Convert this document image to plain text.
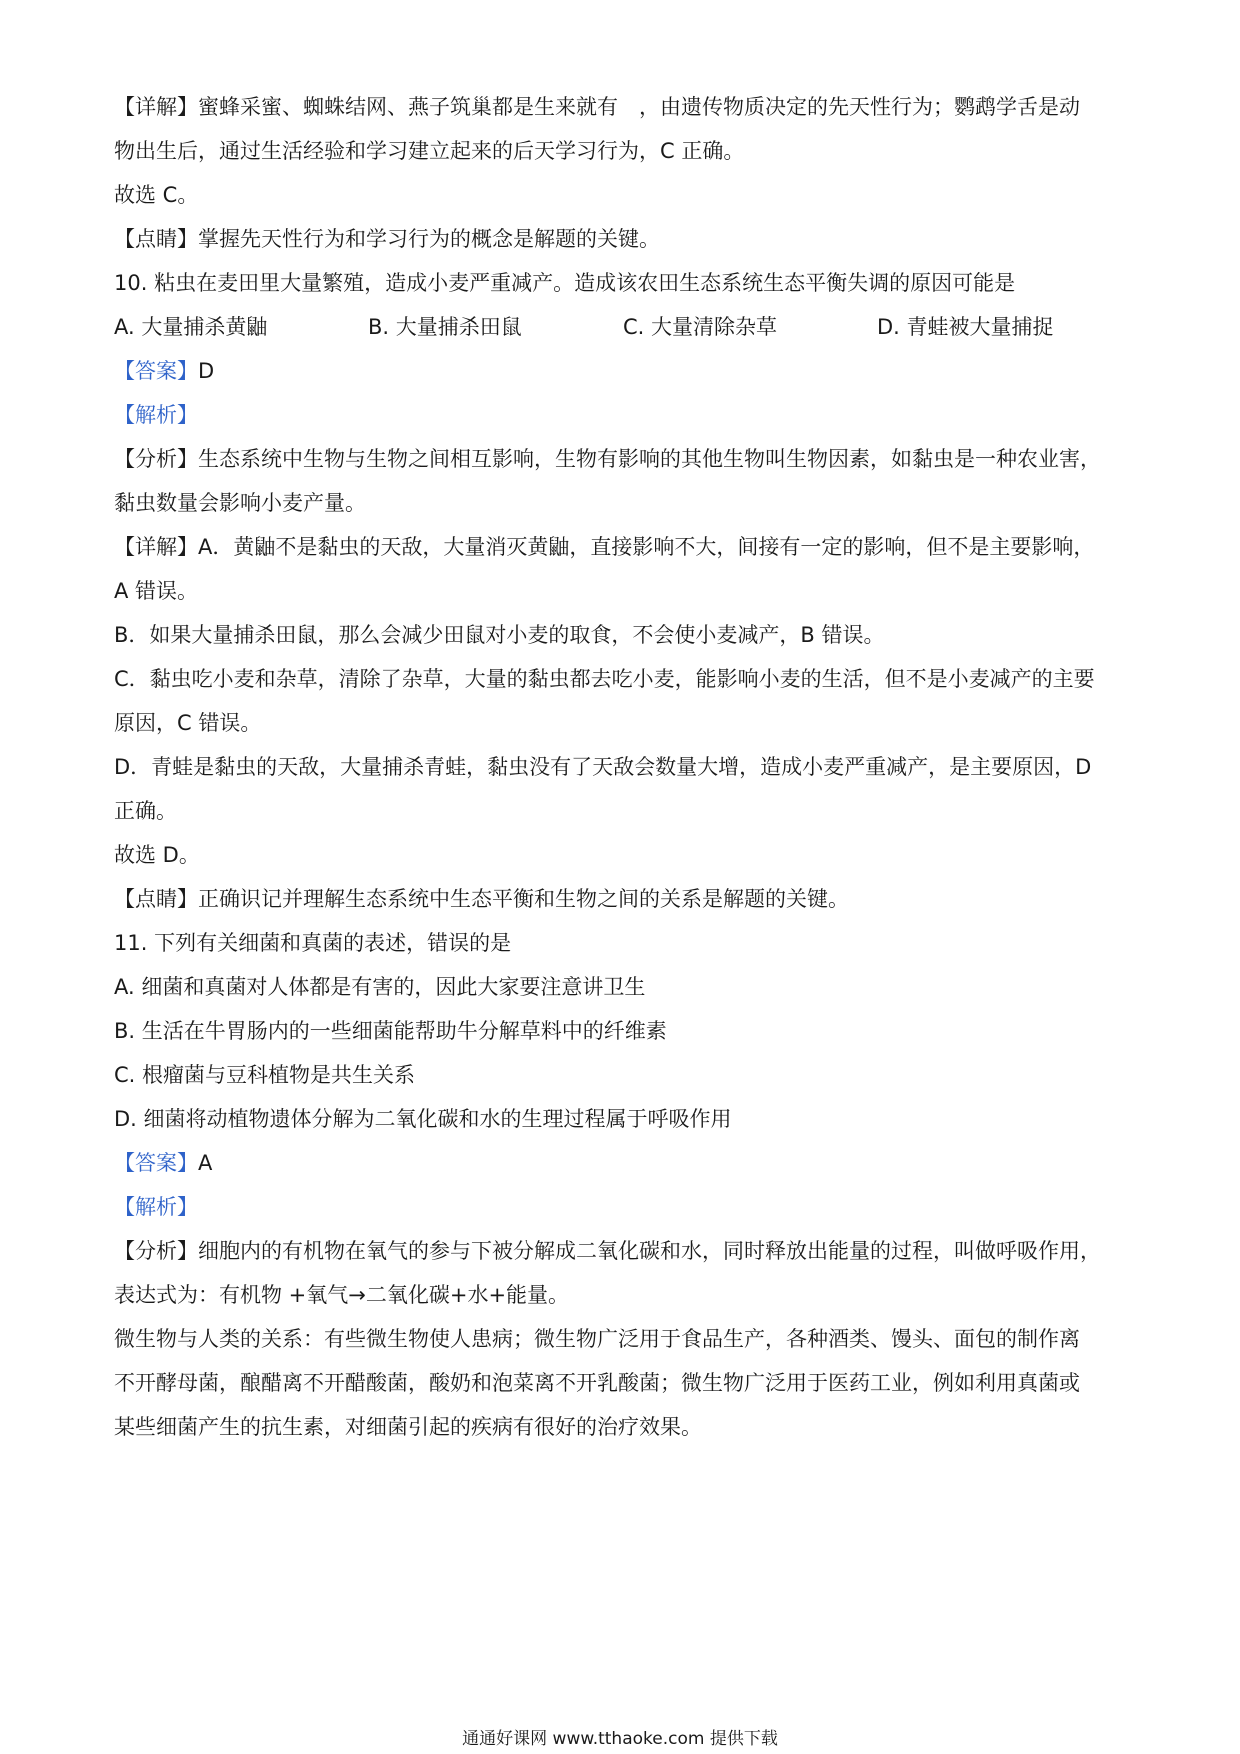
【详解】蜜蜂采蜜、蜘蛛结网、燕子筑巢都是生来就有　，由遗传物质决定的先天性行为；鹦鹉学舌是动
物出生后，通过生活经验和学习建立起来的后天学习行为，C 正确。
故选 C。
【点睛】掌握先天性行为和学习行为的概念是解题的关键。
10. 粘虫在麦田里大量繁殖，造成小麦严重减产。造成该农田生态系统生态平衡失调的原因可能是
A. 大量捕杀黄鼬	B. 大量捕杀田鼠	C. 大量清除杂草	D. 青蛙被大量捕捉
【答案】D
【解析】
【分析】生态系统中生物与生物之间相互影响，生物有影响的其他生物叫生物因素，如黏虫是一种农业害，
黏虫数量会影响小麦产量。
【详解】A．黄鼬不是黏虫的天敌，大量消灭黄鼬，直接影响不大，间接有一定的影响，但不是主要影响，
A 错误。
B．如果大量捕杀田鼠，那么会减少田鼠对小麦的取食，不会使小麦减产，B 错误。
C．黏虫吃小麦和杂草，清除了杂草，大量的黏虫都去吃小麦，能影响小麦的生活，但不是小麦减产的主要
原因，C 错误。
D．青蛙是黏虫的天敌，大量捕杀青蛙，黏虫没有了天敌会数量大增，造成小麦严重减产，是主要原因，D
正确。
故选 D。
【点睛】正确识记并理解生态系统中生态平衡和生物之间的关系是解题的关键。
11. 下列有关细菌和真菌的表述，错误的是
A. 细菌和真菌对人体都是有害的，因此大家要注意讲卫生
B. 生活在牛胃肠内的一些细菌能帮助牛分解草料中的纤维素
C. 根瘤菌与豆科植物是共生关系
D. 细菌将动植物遗体分解为二氧化碳和水的生理过程属于呼吸作用
【答案】A
【解析】
【分析】细胞内的有机物在氧气的参与下被分解成二氧化碳和水，同时释放出能量的过程，叫做呼吸作用，
表达式为：有机物 +氧气→二氧化碳+水+能量。
微生物与人类的关系：有些微生物使人患病；微生物广泛用于食品生产，各种酒类、馒头、面包的制作离
不开酵母菌，酿醋离不开醋酸菌，酸奶和泡菜离不开乳酸菌；微生物广泛用于医药工业，例如利用真菌或
某些细菌产生的抗生素，对细菌引起的疾病有很好的治疗效果。
通通好课网 www.tthaoke.com 提供下载
